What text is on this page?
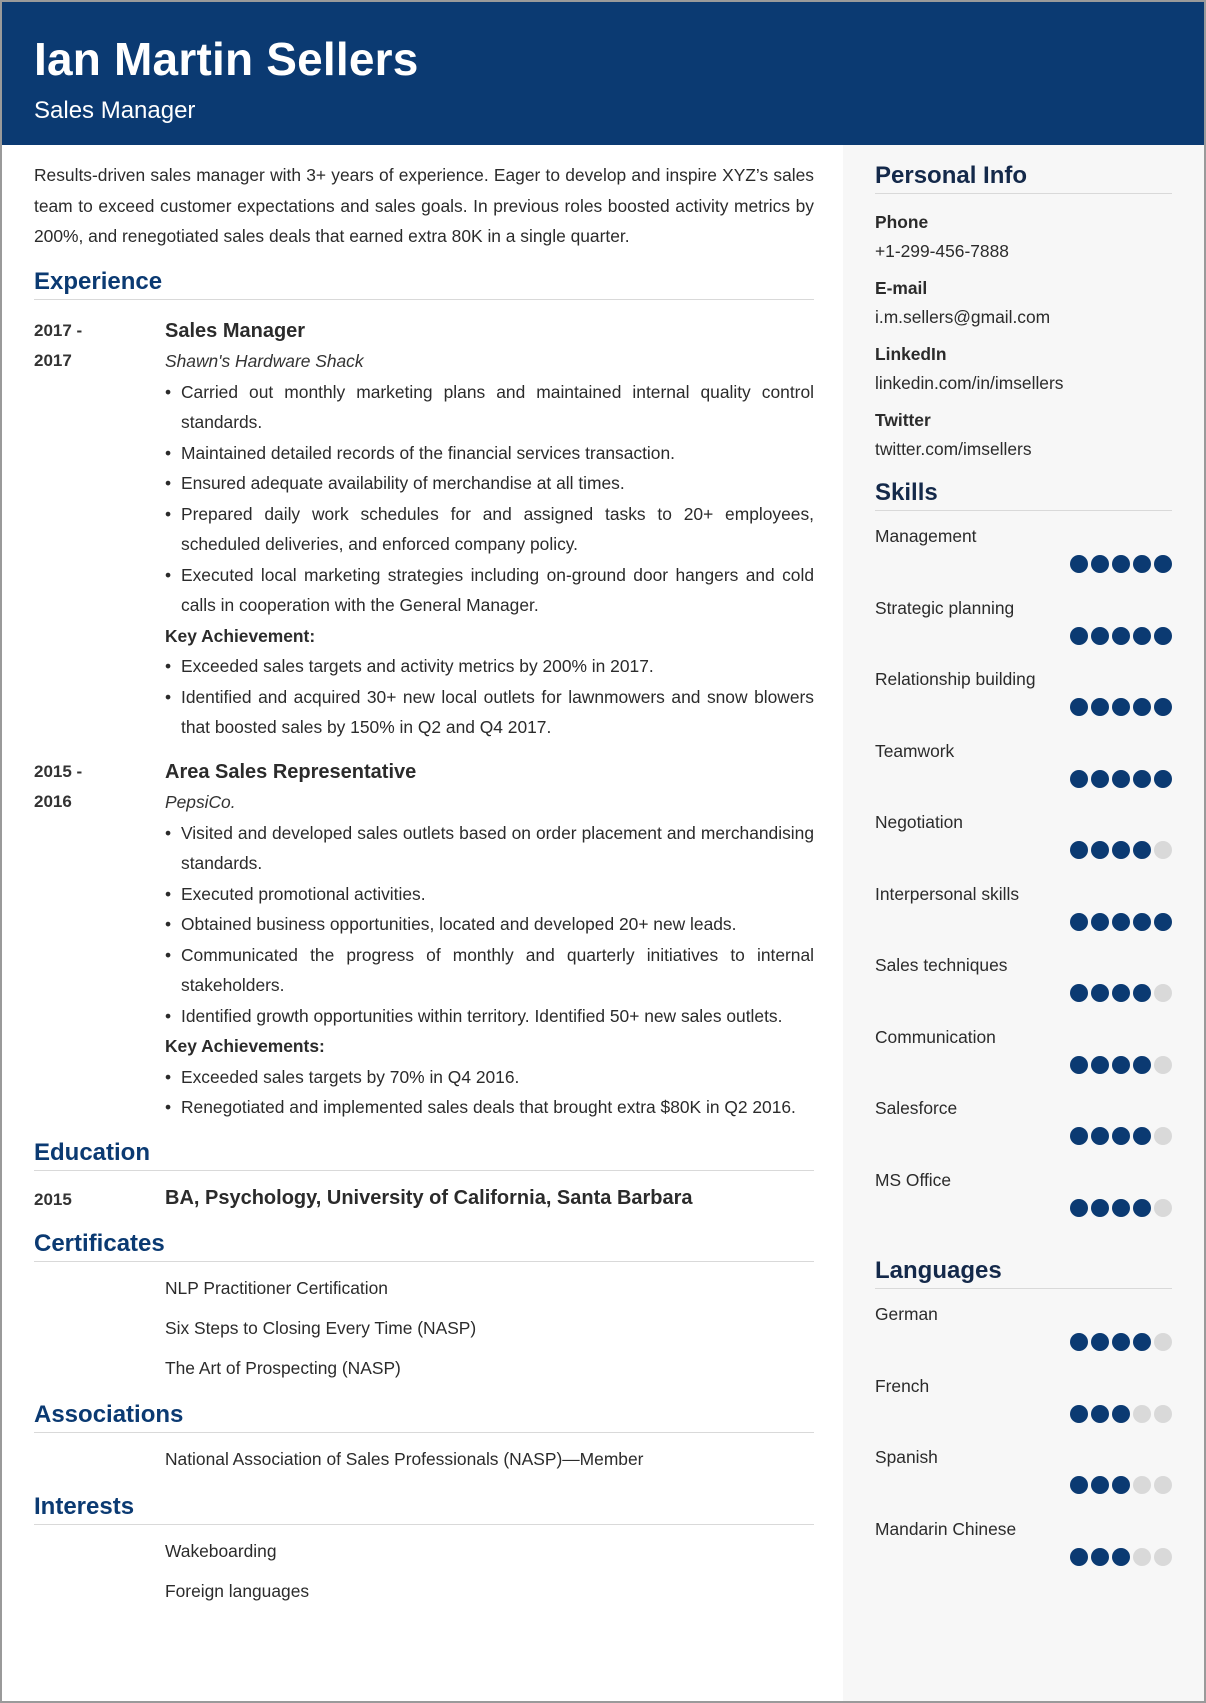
Ian Martin Sellers
Sales Manager

Results-driven sales manager with 3+ years of experience. Eager to develop and inspire XYZ’s sales team to exceed customer expectations and sales goals. In previous roles boosted activity metrics by 200%, and renegotiated sales deals that earned extra 80K in a single quarter.

Experience
2017 -
2017
Sales Manager
Shawn's Hardware Shack
• Carried out monthly marketing plans and maintained internal quality control standards.
• Maintained detailed records of the financial services transaction.
• Ensured adequate availability of merchandise at all times.
• Prepared daily work schedules for and assigned tasks to 20+ employees, scheduled deliveries, and enforced company policy.
• Executed local marketing strategies including on-ground door hangers and cold calls in cooperation with the General Manager.
Key Achievement:
• Exceeded sales targets and activity metrics by 200% in 2017.
• Identified and acquired 30+ new local outlets for lawnmowers and snow blowers that boosted sales by 150% in Q2 and Q4 2017.
2015 -
2016
Area Sales Representative
PepsiCo.
• Visited and developed sales outlets based on order placement and merchandising standards.
• Executed promotional activities.
• Obtained business opportunities, located and developed 20+ new leads.
• Communicated the progress of monthly and quarterly initiatives to internal stakeholders.
• Identified growth opportunities within territory. Identified 50+ new sales outlets.
Key Achievements:
• Exceeded sales targets by 70% in Q4 2016.
• Renegotiated and implemented sales deals that brought extra $80K in Q2 2016.
Education
2015	BA, Psychology, University of California, Santa Barbara
Certificates
NLP Practitioner Certification
Six Steps to Closing Every Time (NASP)
The Art of Prospecting (NASP)
Associations
National Association of Sales Professionals (NASP)—Member
Interests
Wakeboarding
Foreign languages
Personal Info
Phone
+1-299-456-7888
E-mail
i.m.sellers@gmail.com
LinkedIn
linkedin.com/in/imsellers
Twitter
twitter.com/imsellers
Skills
Management
Strategic planning
Relationship building
Teamwork
Negotiation
Interpersonal skills
Sales techniques
Communication
Salesforce
MS Office
Languages
German
French
Spanish
Mandarin Chinese
